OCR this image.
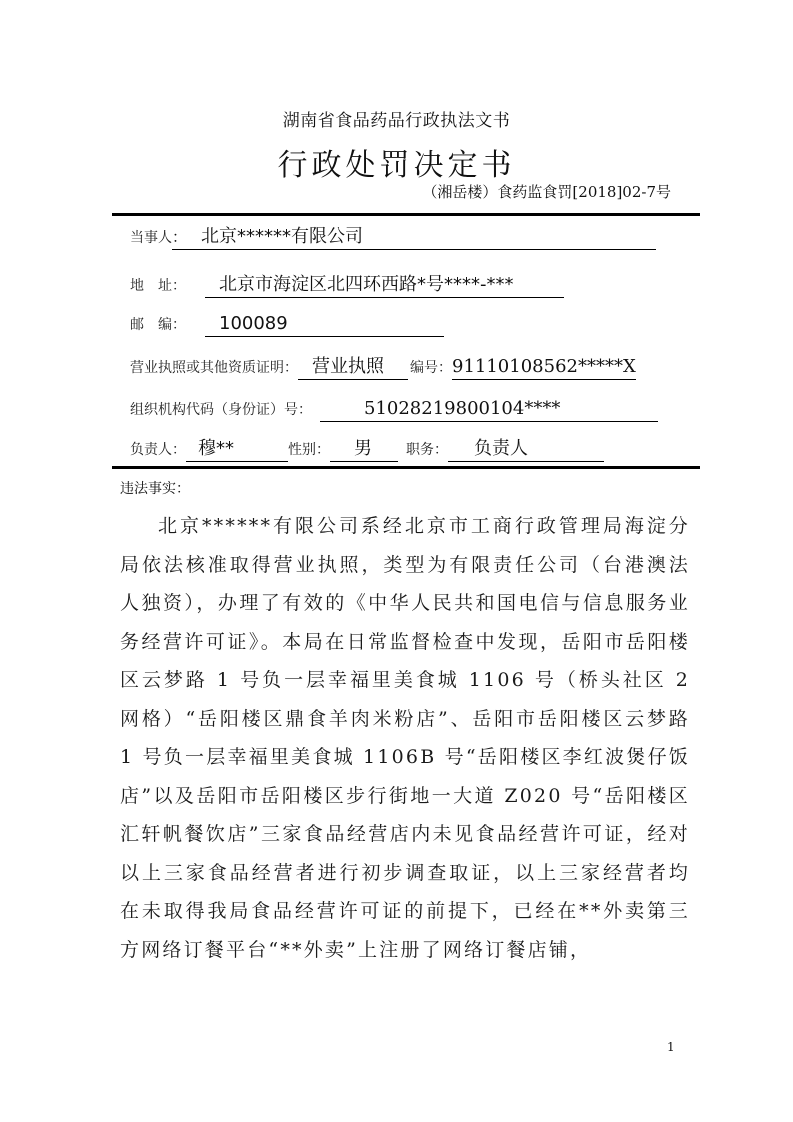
湖南省食品药品行政执法文书
行政处罚决定书
（湘岳楼）食药监食罚[2018]02-7号
当事人 ： 北京******有限公司
地　址：	北京市海淀区北四环西路*号****-***
邮　编：	100089
营业执照或其他资质证明： 营业执照	编号： 91110108562*****X
组织机构代码（身份证）号：	51028219800104****
负责人： 穆**	性别：	男	职务：	负责人
违法事实：

北京******有限公司系经北京市工商行政管理局海淀分局依法核准取得营业执照，类型为有限责任公司（台港澳法人独资），办理了有效的《中华人民共和国电信与信息服务业务经营许可证》。本局在日常监督检查中发现，岳阳市岳阳楼区云梦路 1 号负一层幸福里美食城 1106 号（桥头社区 2 网格）“岳阳楼区鼎食羊肉米粉店”、岳阳市岳阳楼区云梦路 1 号负一层幸福里美食城 1106B 号“岳阳楼区李红波煲仔饭店”以及岳阳市岳阳楼区步行街地一大道 Z020 号“岳阳楼区汇轩帆餐饮店”三家食品经营店内未见食品经营许可证，经对以上三家食品经营者进行初步调查取证，以上三家经营者均在未取得我局食品经营许可证的前提下，已经在**外卖第三方网络订餐平台“**外卖”上注册了网络订餐店铺，

1
